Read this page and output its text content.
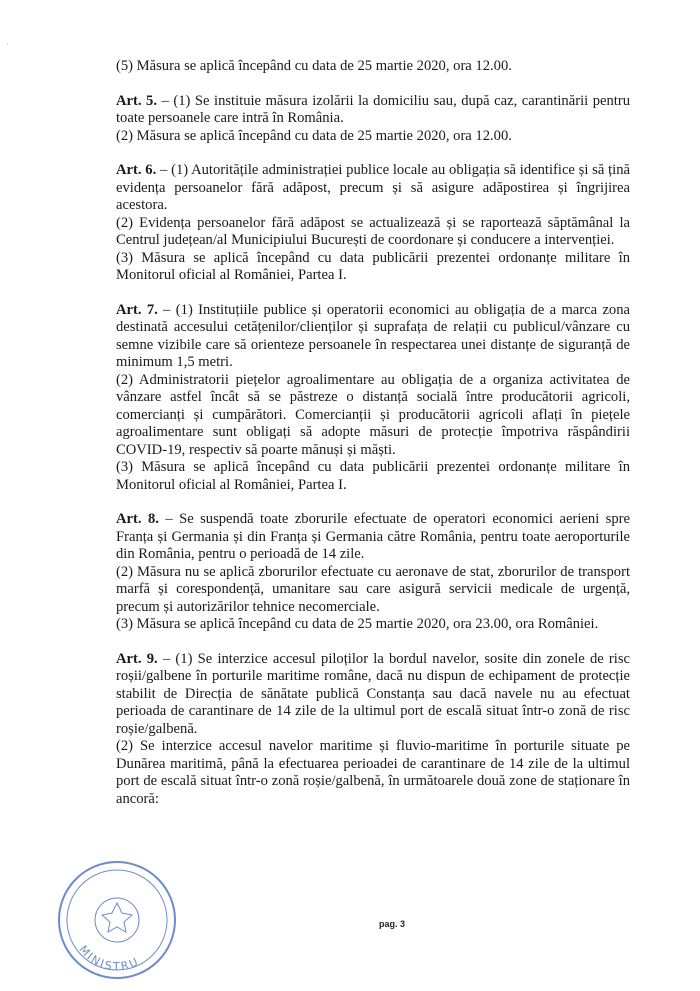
·

(5) Măsura se aplică începând cu data de 25 martie 2020, ora 12.00.

Art. 5. – (1) Se instituie măsura izolării la domiciliu sau, după caz, carantinării pentru toate persoanele care intră în România.

(2) Măsura se aplică începând cu data de 25 martie 2020, ora 12.00.

Art. 6. – (1) Autoritățile administrației publice locale au obligația să identifice și să țină evidența persoanelor fără adăpost, precum și să asigure adăpostirea și îngrijirea acestora.

(2) Evidența persoanelor fără adăpost se actualizează și se raportează săptămânal la Centrul județean/al Municipiului București de coordonare și conducere a intervenției.

(3) Măsura se aplică începând cu data publicării prezentei ordonanțe militare în Monitorul oficial al României, Partea I.

Art. 7. – (1) Instituțiile publice și operatorii economici au obligația de a marca zona destinată accesului cetățenilor/clienților și suprafața de relații cu publicul/vânzare cu semne vizibile care să orienteze persoanele în respectarea unei distanțe de siguranță de minimum 1,5 metri.

(2) Administratorii piețelor agroalimentare au obligația de a organiza activitatea de vânzare astfel încât să se păstreze o distanță socială între producătorii agricoli, comercianți și cumpărători. Comercianții și producătorii agricoli aflați în piețele agroalimentare sunt obligați să adopte măsuri de protecție împotriva răspândirii COVID-19, respectiv să poarte mănuși și măști.

(3) Măsura se aplică începând cu data publicării prezentei ordonanțe militare în Monitorul oficial al României, Partea I.

Art. 8. – Se suspendă toate zborurile efectuate de operatori economici aerieni spre Franța și Germania și din Franța și Germania către România, pentru toate aeroporturile din România, pentru o perioadă de 14 zile.

(2) Măsura nu se aplică zborurilor efectuate cu aeronave de stat, zborurilor de transport marfă și corespondență, umanitare sau care asigură servicii medicale de urgență, precum și autorizărilor tehnice necomerciale.

(3) Măsura se aplică începând cu data de 25 martie 2020, ora 23.00, ora României.

Art. 9. – (1) Se interzice accesul piloților la bordul navelor, sosite din zonele de risc roșii/galbene în porturile maritime române, dacă nu dispun de echipament de protecție stabilit de Direcția de sănătate publică Constanța sau dacă navele nu au efectuat perioada de carantinare de 14 zile de la ultimul port de escală situat într-o zonă de risc roșie/galbenă.

(2) Se interzice accesul navelor maritime și fluvio-maritime în porturile situate pe Dunărea maritimă, până la efectuarea perioadei de carantinare de 14 zile de la ultimul port de escală situat într-o zonă roșie/galbenă, în următoarele două zone de staționare în ancoră:

MINISTRU
pag. 3
